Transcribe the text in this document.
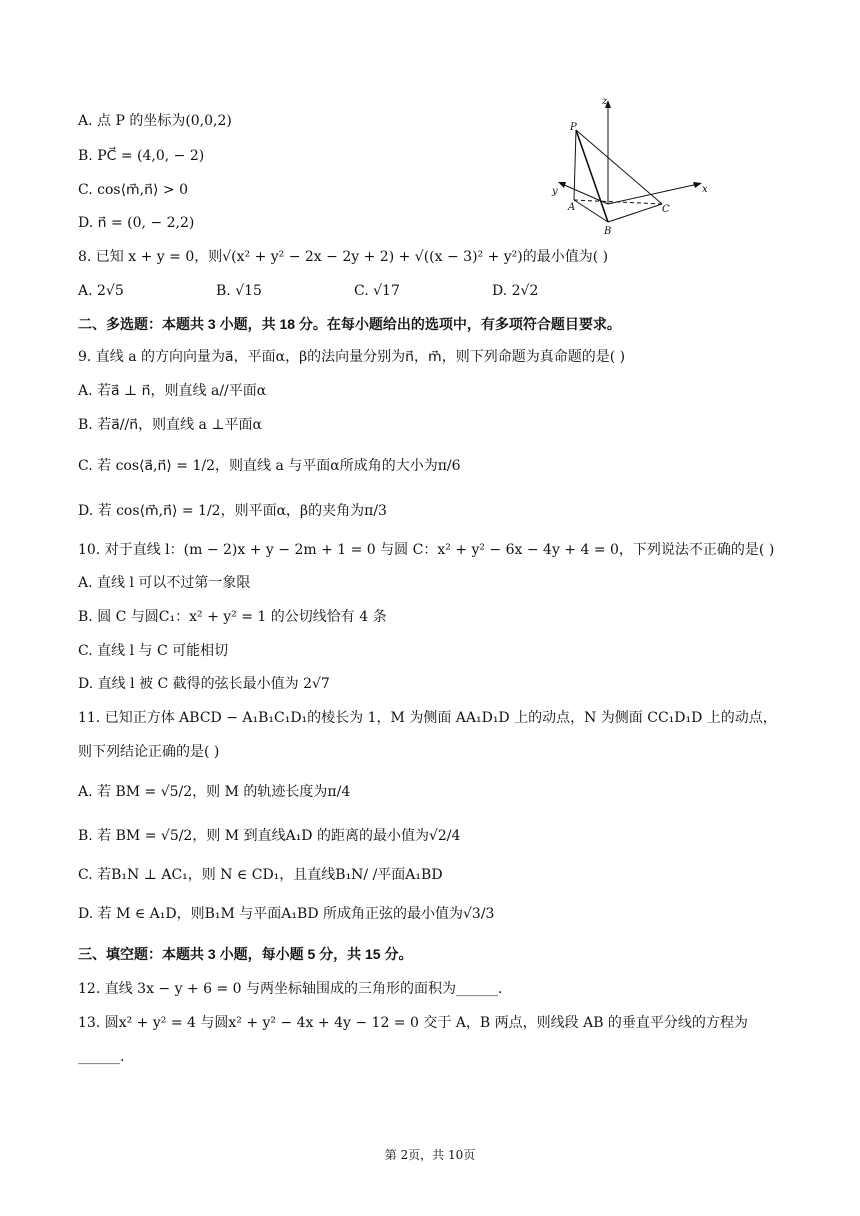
A. 点 P 的坐标为(0,0,2)
B. PC⃗ = (4,0, − 2)
C. cos⟨m⃗,n⃗⟩ > 0
D. n⃗ = (0, − 2,2)
z
P
y
A
B
C
x
8. 已知 x + y = 0，则√(x² + y² − 2x − 2y + 2) + √((x − 3)² + y²)的最小值为( )
A. 2√5	B. √15	C. √17	D. 2√2
二、多选题：本题共 3 小题，共 18 分。在每小题给出的选项中，有多项符合题目要求。
9. 直线 a 的方向向量为a⃗，平面α，β的法向量分别为n⃗，m⃗，则下列命题为真命题的是( )
A. 若a⃗ ⊥ n⃗，则直线 a//平面α
B. 若a⃗//n⃗，则直线 a ⊥平面α
C. 若 cos⟨a⃗,n⃗⟩ = 1/2，则直线 a 与平面α所成角的大小为π/6
D. 若 cos⟨m⃗,n⃗⟩ = 1/2，则平面α，β的夹角为π/3
10. 对于直线 l：(m − 2)x + y − 2m + 1 = 0 与圆 C：x² + y² − 6x − 4y + 4 = 0，下列说法不正确的是( )
A. 直线 l 可以不过第一象限
B. 圆 C 与圆C₁：x² + y² = 1 的公切线恰有 4 条
C. 直线 l 与 C 可能相切
D. 直线 l 被 C 截得的弦长最小值为 2√7
11. 已知正方体 ABCD − A₁B₁C₁D₁的棱长为 1，M 为侧面 AA₁D₁D 上的动点，N 为侧面 CC₁D₁D 上的动点，
则下列结论正确的是( )
A. 若 BM = √5/2，则 M 的轨迹长度为π/4
B. 若 BM = √5/2，则 M 到直线A₁D 的距离的最小值为√2/4
C. 若B₁N ⊥ AC₁，则 N ∈ CD₁，且直线B₁N/ /平面A₁BD
D. 若 M ∈ A₁D，则B₁M 与平面A₁BD 所成角正弦的最小值为√3/3
三、填空题：本题共 3 小题，每小题 5 分，共 15 分。
12. 直线 3x − y + 6 = 0 与两坐标轴围成的三角形的面积为______.
13. 圆x² + y² = 4 与圆x² + y² − 4x + 4y − 12 = 0 交于 A，B 两点，则线段 AB 的垂直平分线的方程为
______.
第 2页，共 10页
